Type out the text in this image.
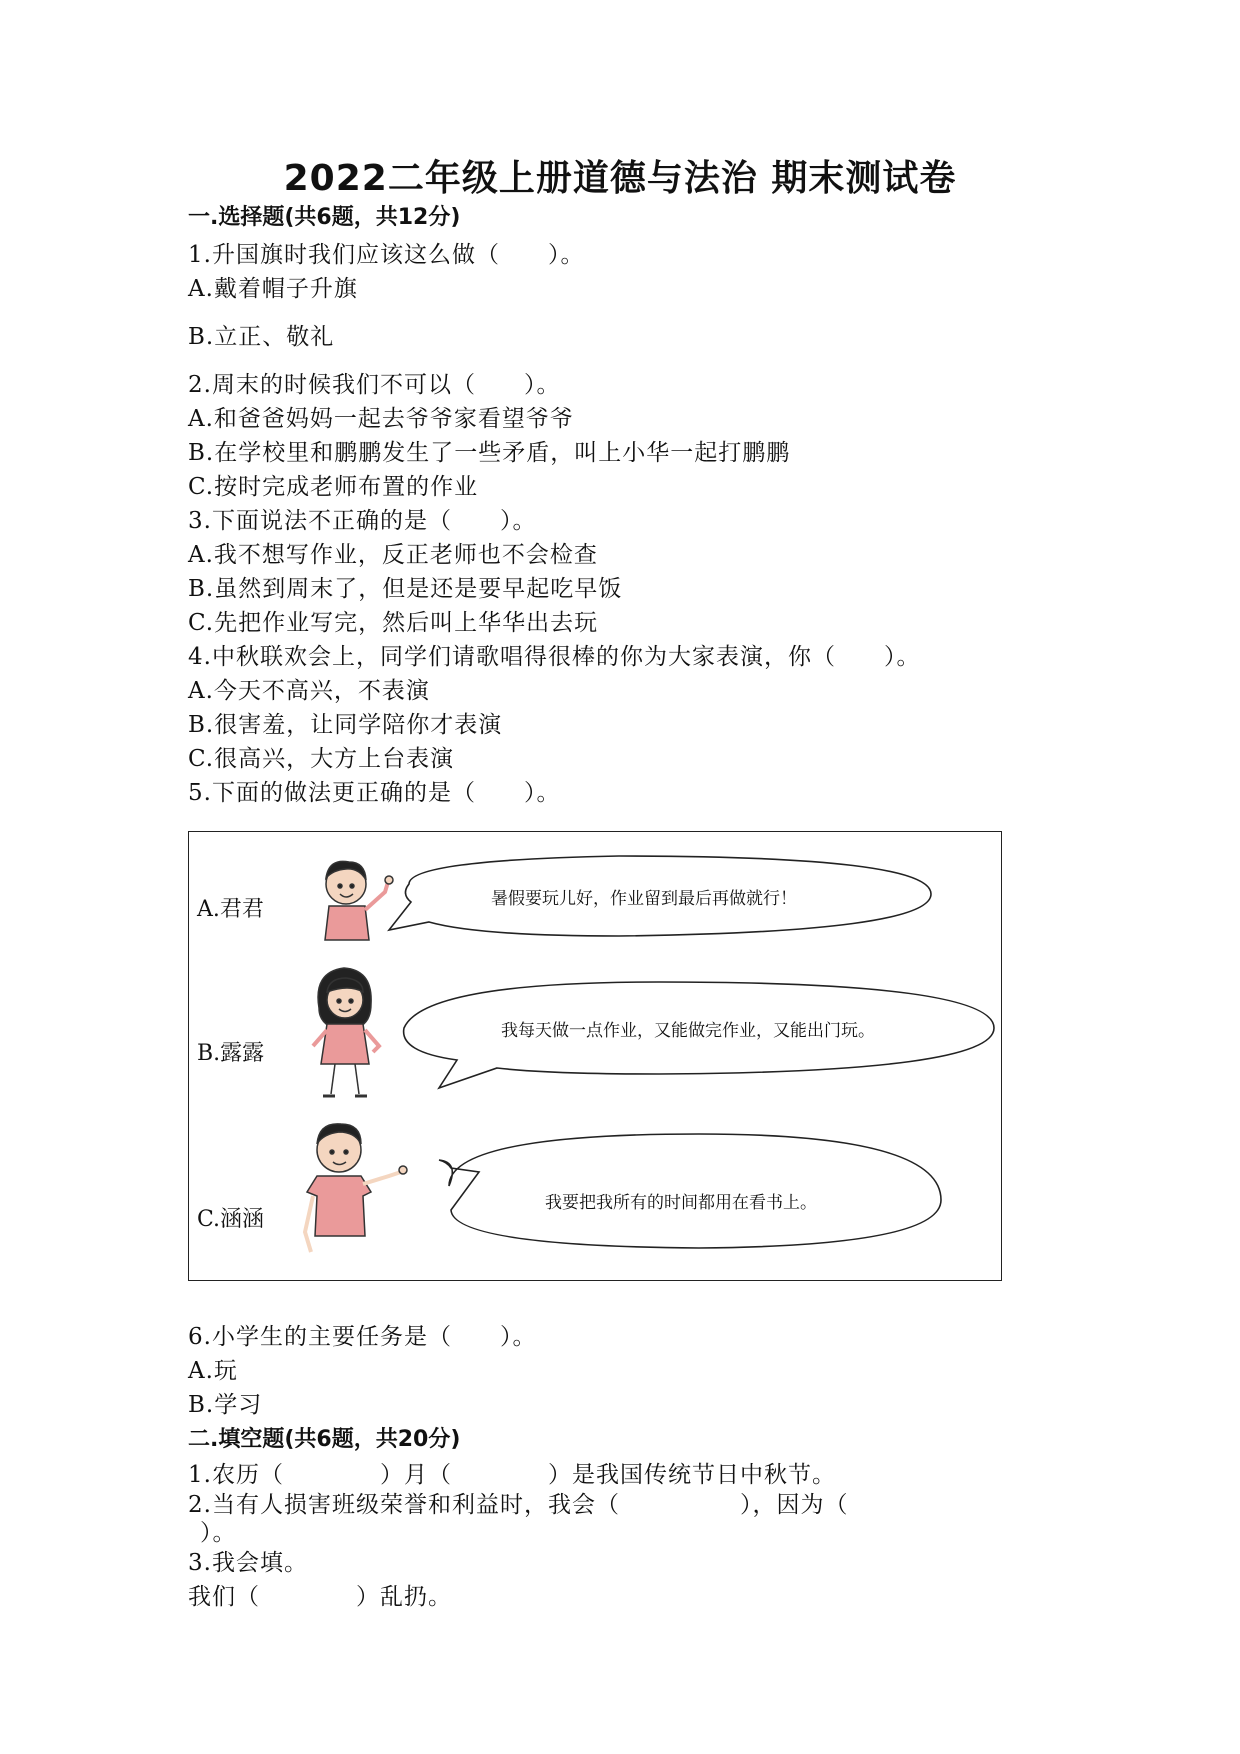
2022二年级上册道德与法治 期末测试卷
一.选择题(共6题，共12分)
1.升国旗时我们应该这么做（　　）。
A.戴着帽子升旗
B.立正、敬礼
2.周末的时候我们不可以（　　）。
A.和爸爸妈妈一起去爷爷家看望爷爷
B.在学校里和鹏鹏发生了一些矛盾，叫上小华一起打鹏鹏
C.按时完成老师布置的作业
3.下面说法不正确的是（　　）。
A.我不想写作业，反正老师也不会检查
B.虽然到周末了，但是还是要早起吃早饭
C.先把作业写完，然后叫上华华出去玩
4.中秋联欢会上，同学们请歌唱得很棒的你为大家表演，你（　　）。
A.今天不高兴，不表演
B.很害羞，让同学陪你才表演
C.很高兴，大方上台表演
5.下面的做法更正确的是（　　）。
A.君君	暑假要玩儿好，作业留到最后再做就行！
B.露露
我每天做一点作业，又能做完作业，又能出门玩。
C.涵涵
我要把我所有的时间都用在看书上。
6.小学生的主要任务是（　　）。
A.玩
B.学习
二.填空题(共6题，共20分)
1.农历（　　　　）月（　　　　）是我国传统节日中秋节。
2.当有人损害班级荣誉和利益时，我会（　　　　　），因为（
）。
3.我会填。
我们（　　　　）乱扔。
